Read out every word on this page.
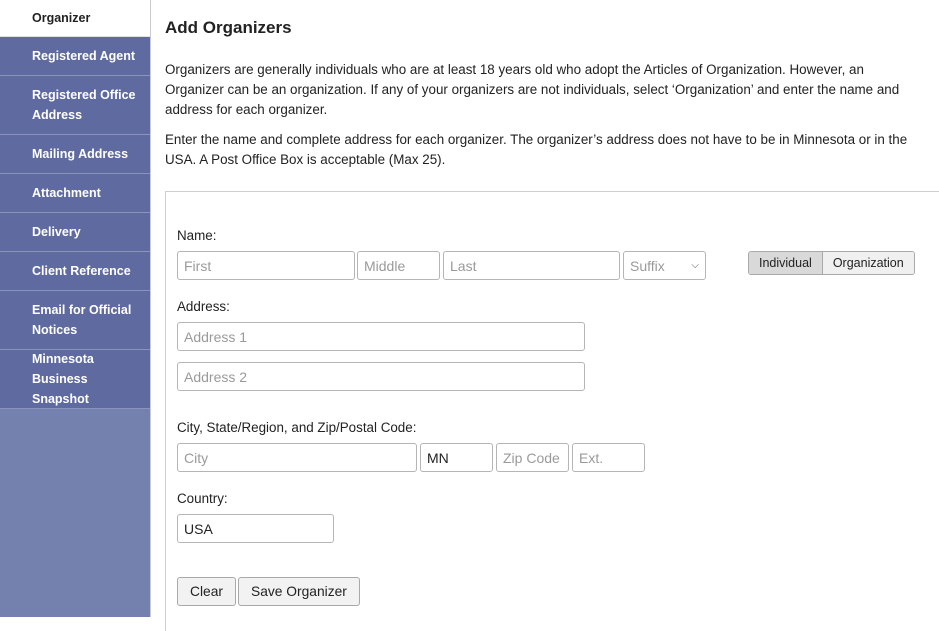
Organizer
Registered Agent
Registered Office Address
Mailing Address
Attachment
Delivery
Client Reference
Email for Official Notices
Minnesota Business Snapshot
Add Organizers
Organizers are generally individuals who are at least 18 years old who adopt the Articles of Organization. However, an Organizer can be an organization. If any of your organizers are not individuals, select ‘Organization’ and enter the name and address for each organizer.
Enter the name and complete address for each organizer. The organizer’s address does not have to be in Minnesota or in the USA. A Post Office Box is acceptable (Max 25).
Name:
First
Middle
Last
Suffix	⌵	Individual	Organization
Address:
Address 1
Address 2
City, State/Region, and Zip/Postal Code:
City
MN
Zip Code
Ext.
Country:
USA
Clear	Save Organizer
